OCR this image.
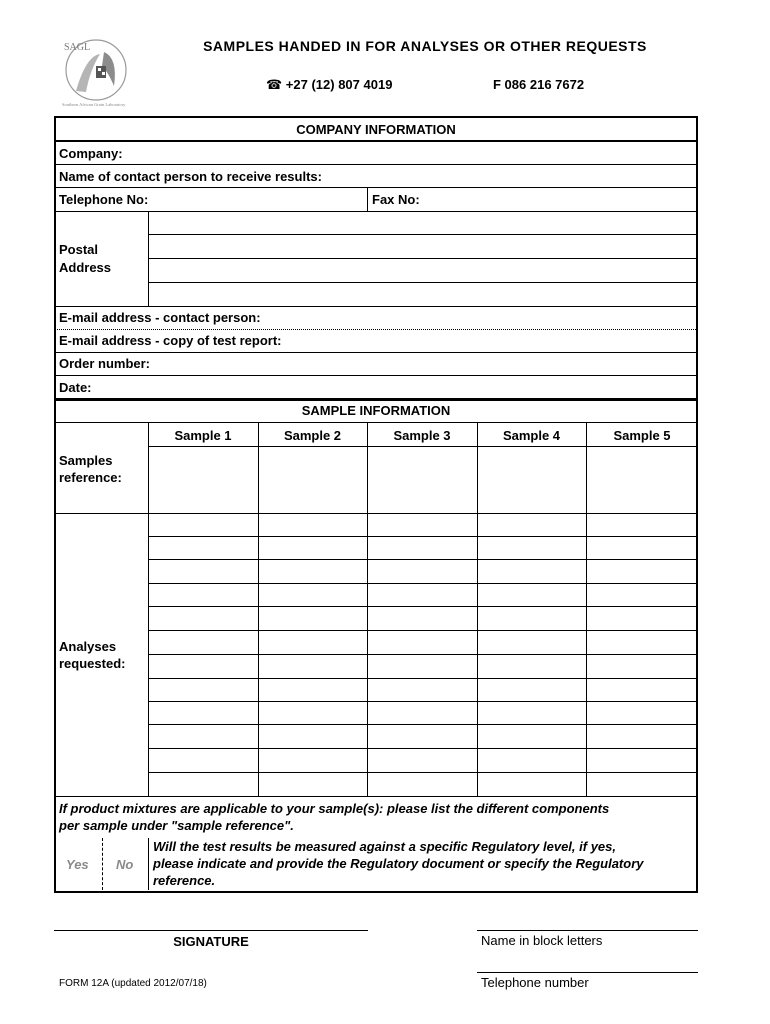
SAGL
Southern African Grain Laboratory
SAMPLES HANDED IN FOR ANALYSES OR OTHER REQUESTS
☎ +27 (12) 807 4019	F 086 216 7672
COMPANY INFORMATION
Company:
Name of contact person to receive results:
Telephone No:	Fax No:
Postal
Address
E-mail address - contact person:
E-mail address - copy of test report:
Order number:
Date:
SAMPLE INFORMATION
Sample 1	Sample 2	Sample 3	Sample 4	Sample 5
Samples
reference:
Analyses
requested:
If product mixtures are applicable to your sample(s): please list the different components
per sample under "sample reference".
Yes No
Will the test results be measured against a specific Regulatory level, if yes,
please indicate and provide the Regulatory document or specify the Regulatory
reference.
SIGNATURE	Name in block letters
Telephone number
FORM 12A (updated 2012/07/18)
